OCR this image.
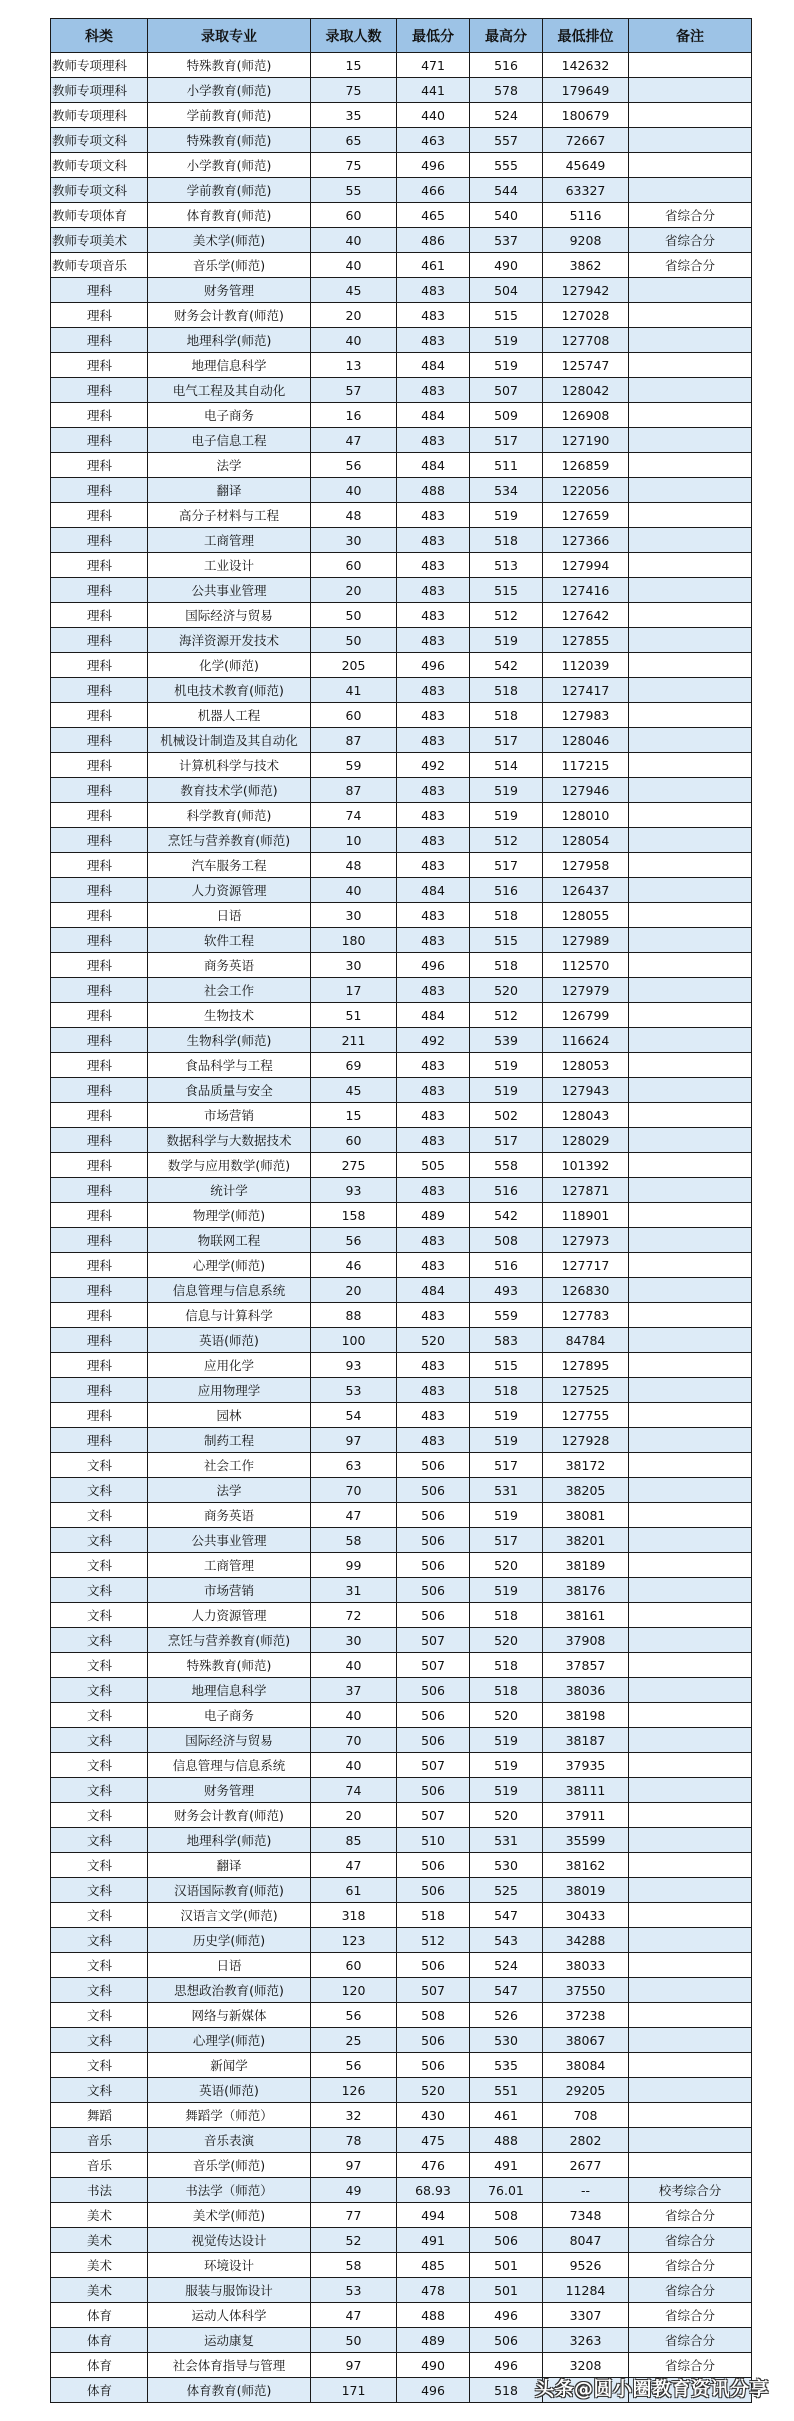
科类	录取专业	录取人数	最低分	最高分	最低排位	备注
教师专项理科	特殊教育(师范)	15	471	516	142632	
教师专项理科	小学教育(师范)	75	441	578	179649	
教师专项理科	学前教育(师范)	35	440	524	180679	
教师专项文科	特殊教育(师范)	65	463	557	72667	
教师专项文科	小学教育(师范)	75	496	555	45649	
教师专项文科	学前教育(师范)	55	466	544	63327	
教师专项体育	体育教育(师范)	60	465	540	5116	省综合分
教师专项美术	美术学(师范)	40	486	537	9208	省综合分
教师专项音乐	音乐学(师范)	40	461	490	3862	省综合分
理科	财务管理	45	483	504	127942	
理科	财务会计教育(师范)	20	483	515	127028	
理科	地理科学(师范)	40	483	519	127708	
理科	地理信息科学	13	484	519	125747	
理科	电气工程及其自动化	57	483	507	128042	
理科	电子商务	16	484	509	126908	
理科	电子信息工程	47	483	517	127190	
理科	法学	56	484	511	126859	
理科	翻译	40	488	534	122056	
理科	高分子材料与工程	48	483	519	127659	
理科	工商管理	30	483	518	127366	
理科	工业设计	60	483	513	127994	
理科	公共事业管理	20	483	515	127416	
理科	国际经济与贸易	50	483	512	127642	
理科	海洋资源开发技术	50	483	519	127855	
理科	化学(师范)	205	496	542	112039	
理科	机电技术教育(师范)	41	483	518	127417	
理科	机器人工程	60	483	518	127983	
理科	机械设计制造及其自动化	87	483	517	128046	
理科	计算机科学与技术	59	492	514	117215	
理科	教育技术学(师范)	87	483	519	127946	
理科	科学教育(师范)	74	483	519	128010	
理科	烹饪与营养教育(师范)	10	483	512	128054	
理科	汽车服务工程	48	483	517	127958	
理科	人力资源管理	40	484	516	126437	
理科	日语	30	483	518	128055	
理科	软件工程	180	483	515	127989	
理科	商务英语	30	496	518	112570	
理科	社会工作	17	483	520	127979	
理科	生物技术	51	484	512	126799	
理科	生物科学(师范)	211	492	539	116624	
理科	食品科学与工程	69	483	519	128053	
理科	食品质量与安全	45	483	519	127943	
理科	市场营销	15	483	502	128043	
理科	数据科学与大数据技术	60	483	517	128029	
理科	数学与应用数学(师范)	275	505	558	101392	
理科	统计学	93	483	516	127871	
理科	物理学(师范)	158	489	542	118901	
理科	物联网工程	56	483	508	127973	
理科	心理学(师范)	46	483	516	127717	
理科	信息管理与信息系统	20	484	493	126830	
理科	信息与计算科学	88	483	559	127783	
理科	英语(师范)	100	520	583	84784	
理科	应用化学	93	483	515	127895	
理科	应用物理学	53	483	518	127525	
理科	园林	54	483	519	127755	
理科	制药工程	97	483	519	127928	
文科	社会工作	63	506	517	38172	
文科	法学	70	506	531	38205	
文科	商务英语	47	506	519	38081	
文科	公共事业管理	58	506	517	38201	
文科	工商管理	99	506	520	38189	
文科	市场营销	31	506	519	38176	
文科	人力资源管理	72	506	518	38161	
文科	烹饪与营养教育(师范)	30	507	520	37908	
文科	特殊教育(师范)	40	507	518	37857	
文科	地理信息科学	37	506	518	38036	
文科	电子商务	40	506	520	38198	
文科	国际经济与贸易	70	506	519	38187	
文科	信息管理与信息系统	40	507	519	37935	
文科	财务管理	74	506	519	38111	
文科	财务会计教育(师范)	20	507	520	37911	
文科	地理科学(师范)	85	510	531	35599	
文科	翻译	47	506	530	38162	
文科	汉语国际教育(师范)	61	506	525	38019	
文科	汉语言文学(师范)	318	518	547	30433	
文科	历史学(师范)	123	512	543	34288	
文科	日语	60	506	524	38033	
文科	思想政治教育(师范)	120	507	547	37550	
文科	网络与新媒体	56	508	526	37238	
文科	心理学(师范)	25	506	530	38067	
文科	新闻学	56	506	535	38084	
文科	英语(师范)	126	520	551	29205	
舞蹈	舞蹈学（师范）	32	430	461	708	
音乐	音乐表演	78	475	488	2802	
音乐	音乐学(师范)	97	476	491	2677	
书法	书法学（师范）	49	68.93	76.01	--	校考综合分
美术	美术学(师范)	77	494	508	7348	省综合分
美术	视觉传达设计	52	491	506	8047	省综合分
美术	环境设计	58	485	501	9526	省综合分
美术	服装与服饰设计	53	478	501	11284	省综合分
体育	运动人体科学	47	488	496	3307	省综合分
体育	运动康复	50	489	506	3263	省综合分
体育	社会体育指导与管理	97	490	496	3208	省综合分
体育	体育教育(师范)	171	496	518		头条@圆小圈教育资讯分享
